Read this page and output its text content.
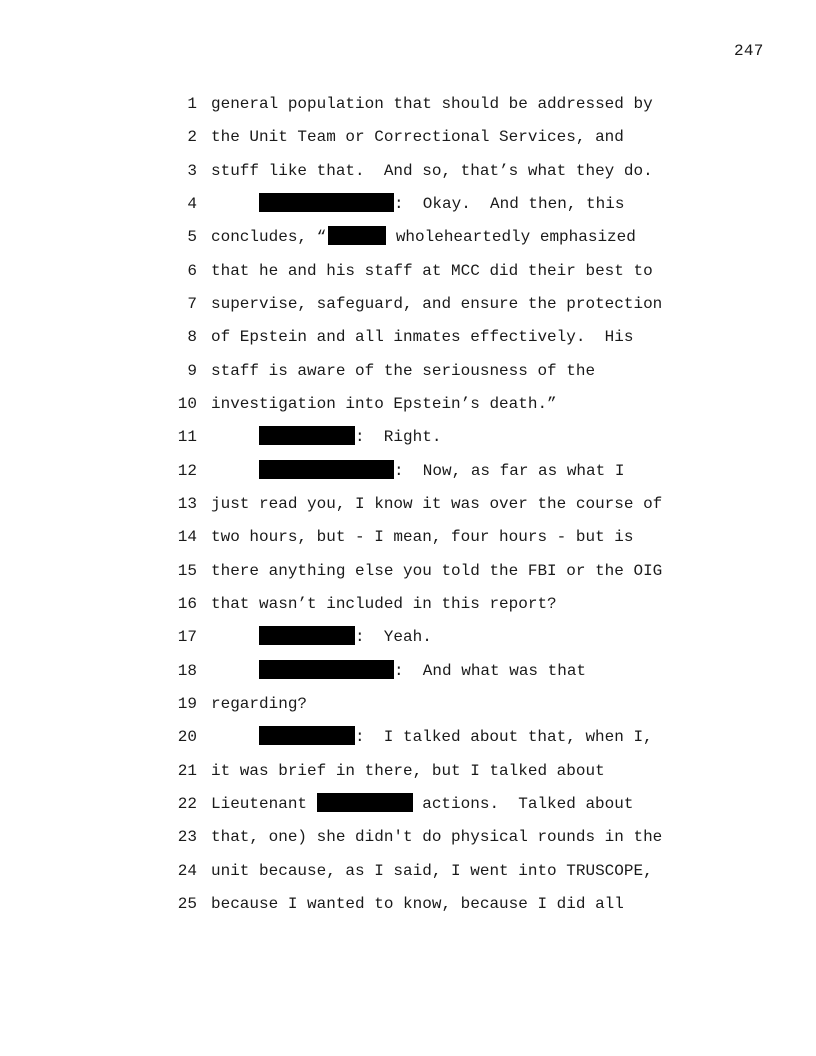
247

1

general population that should be addressed by

2

the Unit Team or Correctional Services, and

3

stuff like that.  And so, that’s what they do.

4

	:  Okay.  And then, this

5

concludes, “	wholeheartedly emphasized

6

that he and his staff at MCC did their best to

7

supervise, safeguard, and ensure the protection

8

of Epstein and all inmates effectively.  His

9

staff is aware of the seriousness of the

10

investigation into Epstein’s death.”

11

	:  Right.

12

	:  Now, as far as what I

13

just read you, I know it was over the course of

14

two hours, but - I mean, four hours - but is

15

there anything else you told the FBI or the OIG

16

that wasn’t included in this report?

17

	:  Yeah.

18

	:  And what was that

19

regarding?

20

	:  I talked about that, when I,

21

it was brief in there, but I talked about

22

Lieutenant	actions.  Talked about

23

that, one) she didn't do physical rounds in the

24

unit because, as I said, I went into TRUSCOPE,

25

because I wanted to know, because I did all
